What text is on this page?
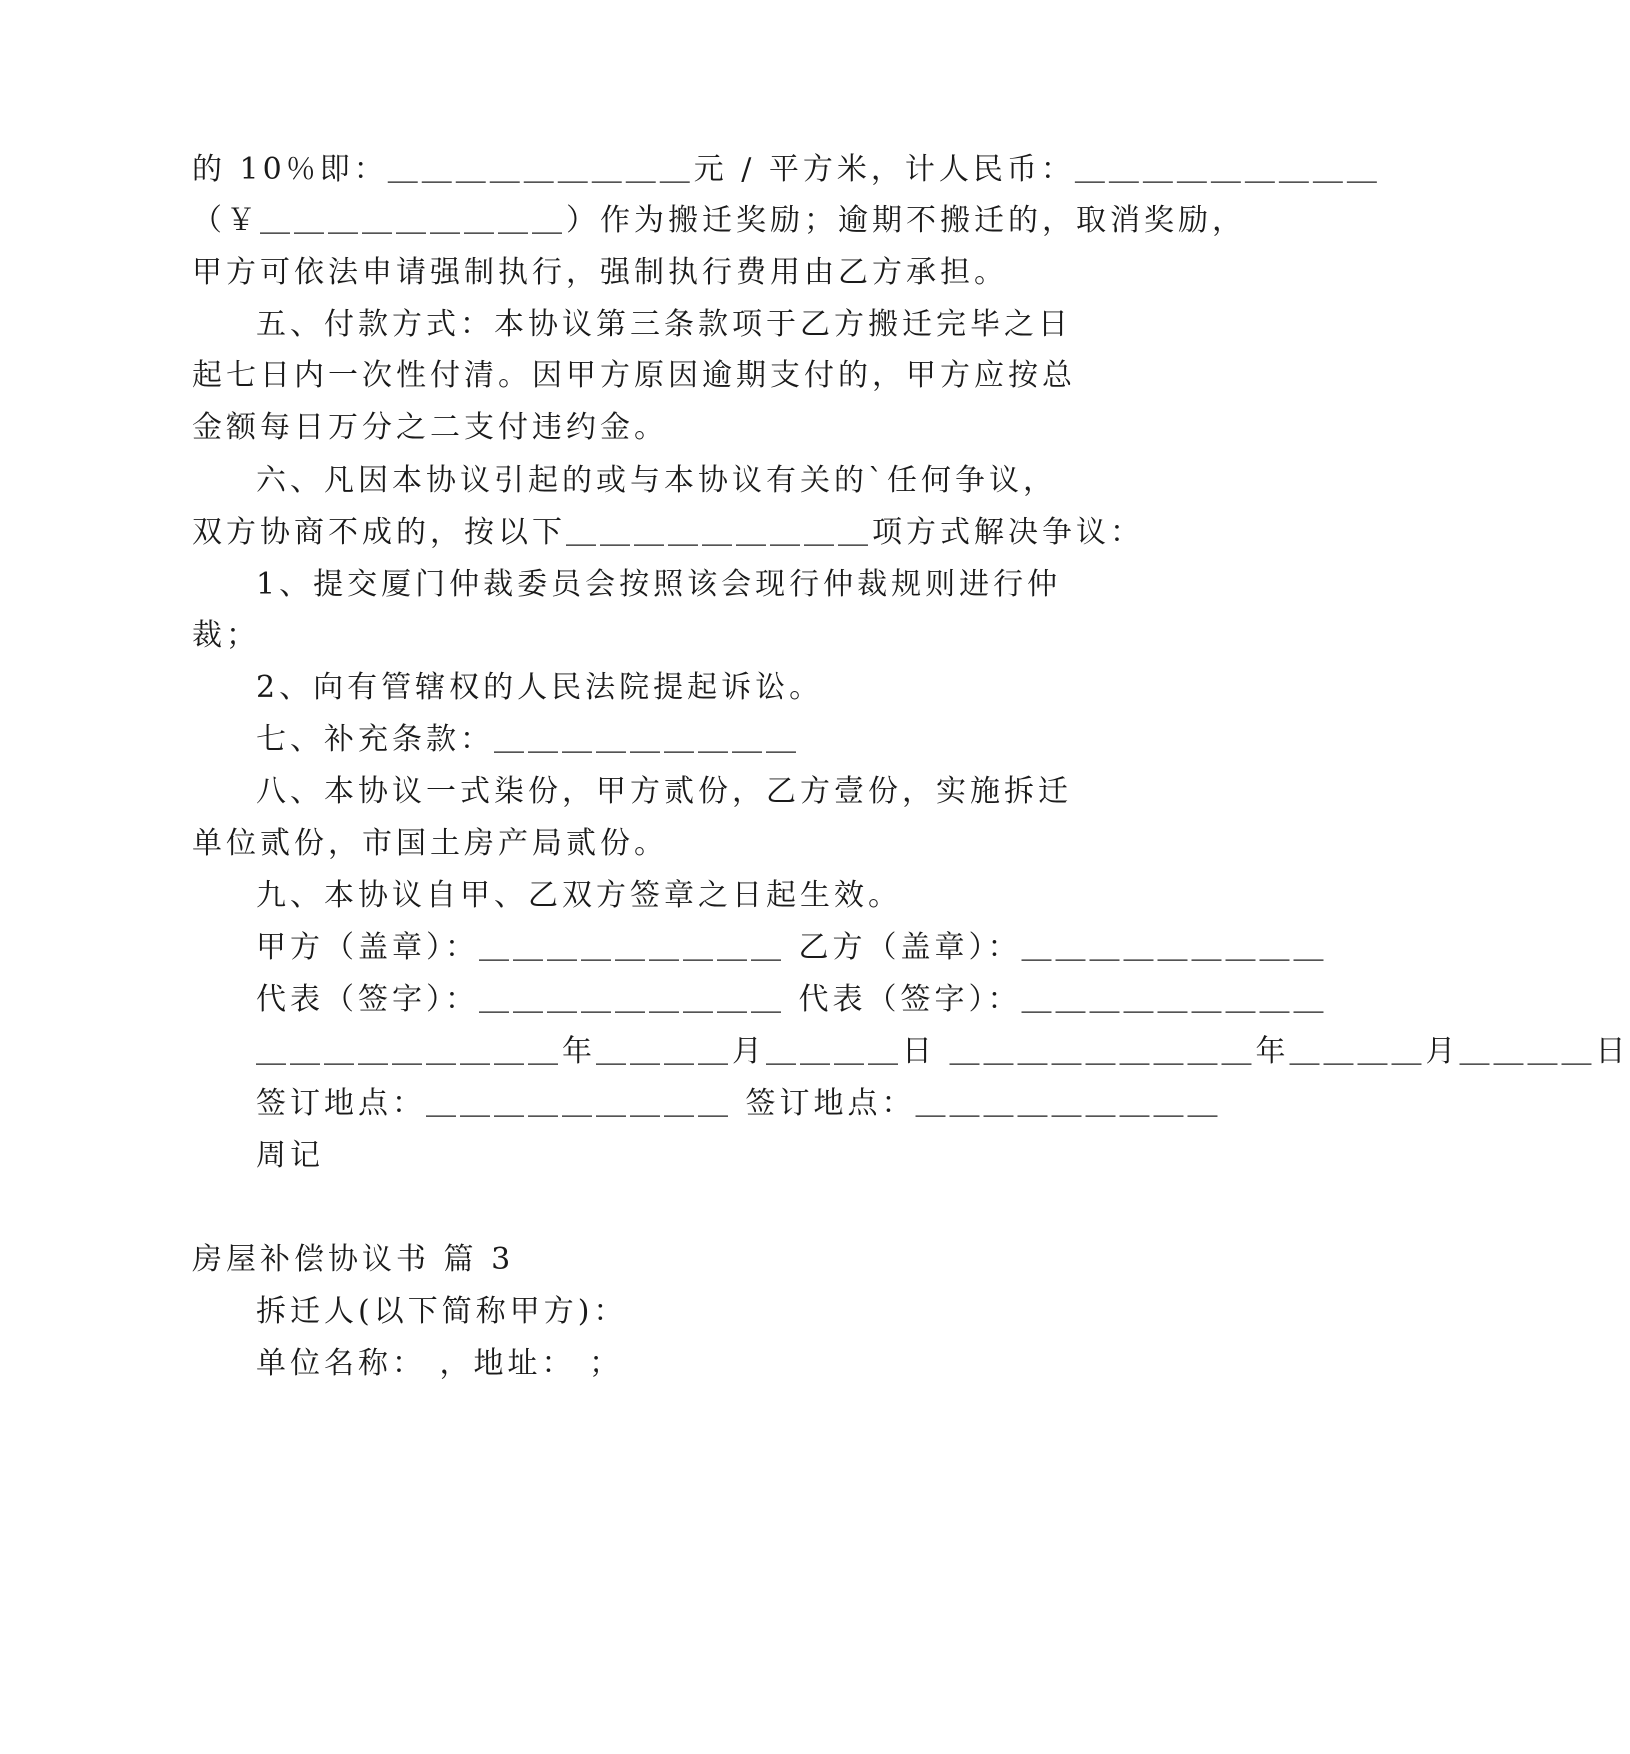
的 10％即：＿＿＿＿＿＿＿＿＿元 / 平方米，计人民币：＿＿＿＿＿＿＿＿＿
（￥＿＿＿＿＿＿＿＿＿）作为搬迁奖励；逾期不搬迁的，取消奖励，
甲方可依法申请强制执行，强制执行费用由乙方承担。
五、付款方式：本协议第三条款项于乙方搬迁完毕之日
起七日内一次性付清。因甲方原因逾期支付的，甲方应按总
金额每日万分之二支付违约金。
六、凡因本协议引起的或与本协议有关的`任何争议，
双方协商不成的，按以下＿＿＿＿＿＿＿＿＿项方式解决争议：
1、提交厦门仲裁委员会按照该会现行仲裁规则进行仲
裁；
2、向有管辖权的人民法院提起诉讼。
七、补充条款：＿＿＿＿＿＿＿＿＿
八、本协议一式柒份，甲方贰份，乙方壹份，实施拆迁
单位贰份，市国土房产局贰份。
九、本协议自甲、乙双方签章之日起生效。
甲方（盖章）：＿＿＿＿＿＿＿＿＿ 乙方（盖章）：＿＿＿＿＿＿＿＿＿
代表（签字）：＿＿＿＿＿＿＿＿＿ 代表（签字）：＿＿＿＿＿＿＿＿＿
＿＿＿＿＿＿＿＿＿年＿＿＿＿月＿＿＿＿日 ＿＿＿＿＿＿＿＿＿年＿＿＿＿月＿＿＿＿日
签订地点：＿＿＿＿＿＿＿＿＿ 签订地点：＿＿＿＿＿＿＿＿＿
周记
房屋补偿协议书 篇 3
拆迁人(以下简称甲方)：
单位名称： ，地址： ；
